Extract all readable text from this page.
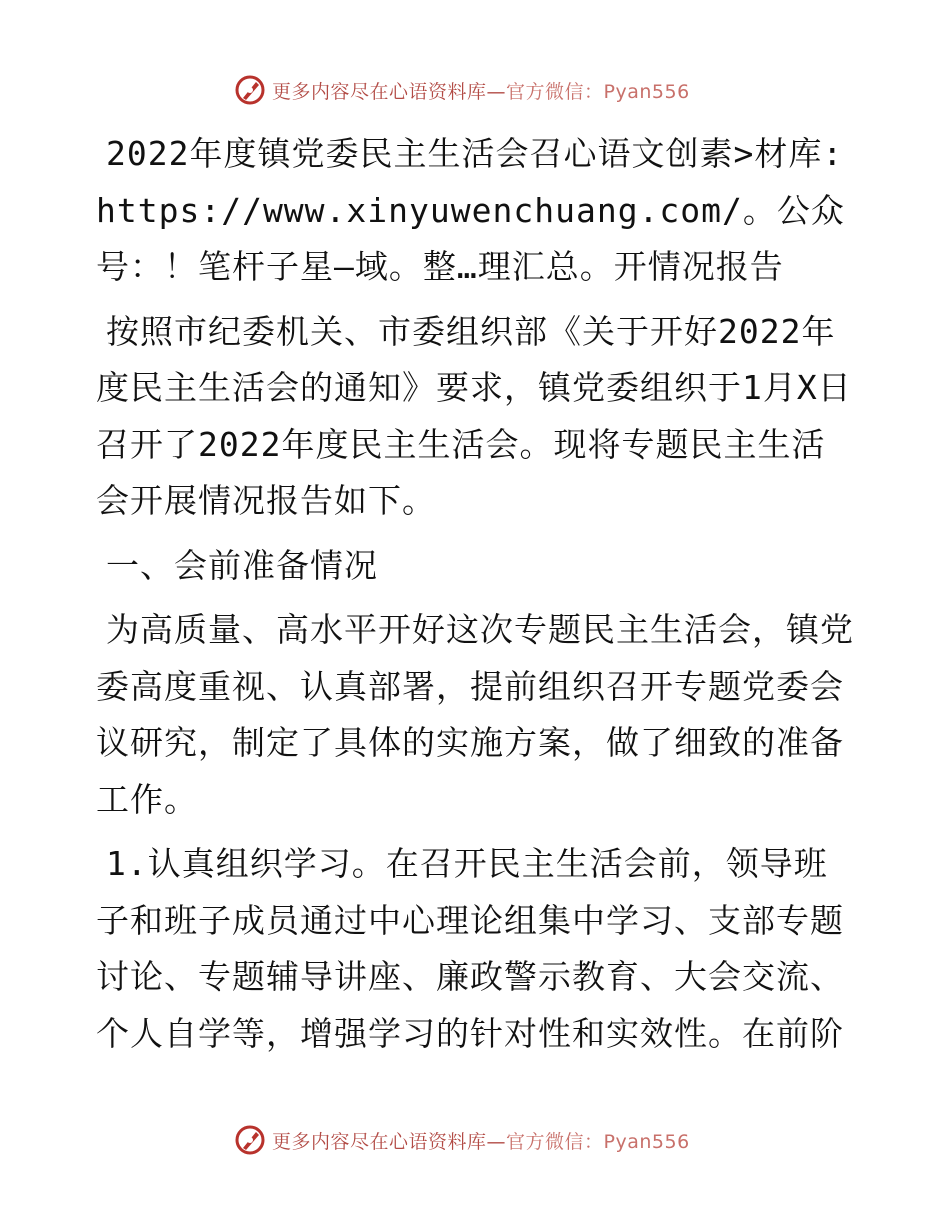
更多内容尽在心语资料库—官方微信：Pyan556

2022年度镇党委民主生活会召心语文创素>材库:https://www.xinyuwenchuang.com/。公众号：！笔杆子星—域。整…理汇总。开情况报告

按照市纪委机关、市委组织部《关于开好2022年度民主生活会的通知》要求，镇党委组织于1月X日召开了2022年度民主生活会。现将专题民主生活会开展情况报告如下。

一、会前准备情况

为高质量、高水平开好这次专题民主生活会，镇党委高度重视、认真部署，提前组织召开专题党委会议研究，制定了具体的实施方案，做了细致的准备工作。

1.认真组织学习。在召开民主生活会前，领导班子和班子成员通过中心理论组集中学习、支部专题讨论、专题辅导讲座、廉政警示教育、大会交流、个人自学等，增强学习的针对性和实效性。在前阶

更多内容尽在心语资料库—官方微信：Pyan556
